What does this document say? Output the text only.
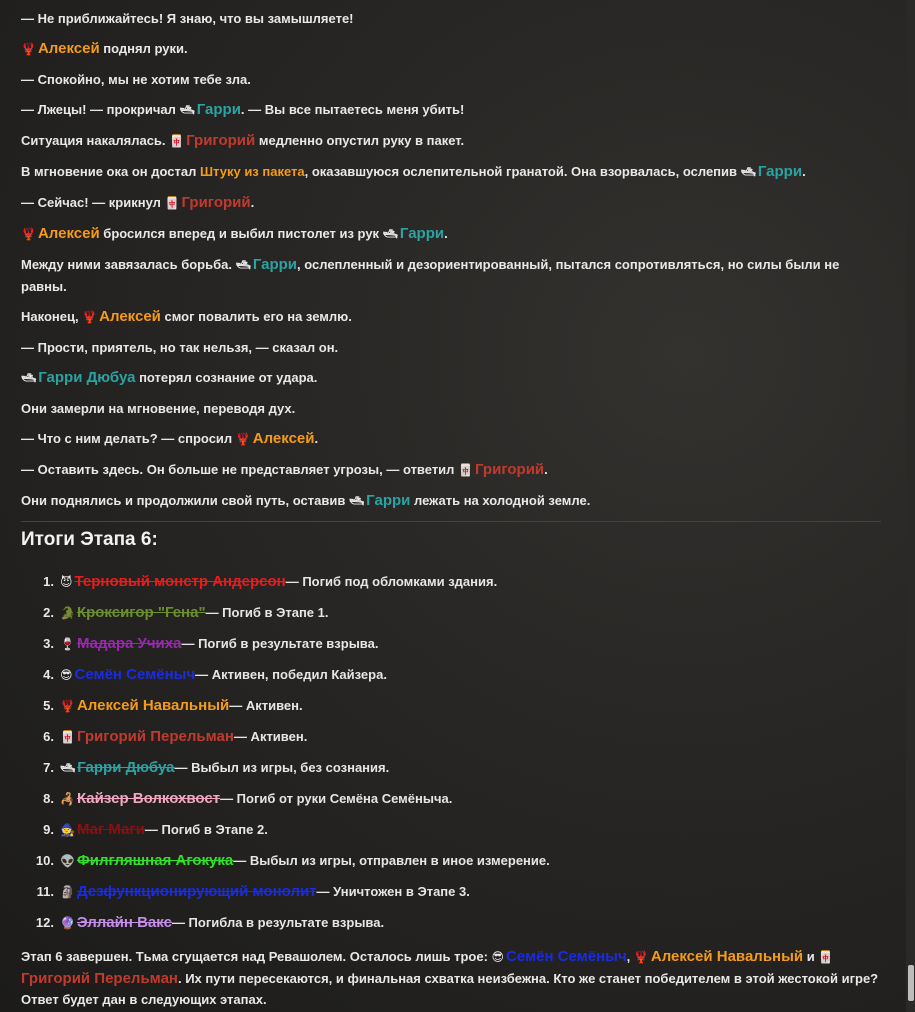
— Не приближайтесь! Я знаю, что вы замышляете!

🦞 Алексей поднял руки.

— Спокойно, мы не хотим тебе зла.

— Лжецы! — прокричал 🛥 Гарри. — Вы все пытаетесь меня убить!

Ситуация накалялась. 🀄 Григорий медленно опустил руку в пакет.

В мгновение ока он достал Штуку из пакета, оказавшуюся ослепительной гранатой. Она взорвалась, ослепив 🛥 Гарри.

— Сейчас! — крикнул 🀄 Григорий.

🦞 Алексей бросился вперед и выбил пистолет из рук 🛥 Гарри.

Между ними завязалась борьба. 🛥 Гарри, ослепленный и дезориентированный, пытался сопротивляться, но силы были не равны.

Наконец, 🦞 Алексей смог повалить его на землю.

— Прости, приятель, но так нельзя, — сказал он.

🛥 Гарри Дюбуа потерял сознание от удара.

Они замерли на мгновение, переводя дух.

— Что с ним делать? — спросил 🦞 Алексей.

— Оставить здесь. Он больше не представляет угрозы, — ответил 🀄 Григорий.

Они поднялись и продолжили свой путь, оставив 🛥 Гарри лежать на холодной земле.

Итоги Этапа 6:
1. 😈 Терновый монстр Андерсон — Погиб под обломками здания.
2. 🐊 Кроксигор "Гена" — Погиб в Этапе 1.
3. 🍷 Мадара Учиха — Погиб в результате взрыва.
4. 😎 Семён Семёныч — Активен, победил Кайзера.
5. 🦞 Алексей Навальный — Активен.
6. 🀄 Григорий Перельман — Активен.
7. 🛥 Гарри Дюбуа — Выбыл из игры, без сознания.
8. 🦂 Кайзер Волкохвост — Погиб от руки Семёна Семёныча.
9. 🧙 Маг Маги — Погиб в Этапе 2.
10. 👽 Филгляшная Агокука — Выбыл из игры, отправлен в иное измерение.
11. 🗿 Дезфункционирующий монолит — Уничтожен в Этапе 3.
12. 🔮 Эллайн Вакс — Погибла в результате взрыва.

Этап 6 завершен. Тьма сгущается над Ревашолем. Осталось лишь трое: 😎 Семён Семёныч, 🦞 Алексей Навальный и 🀄Григорий Перельман. Их пути пересекаются, и финальная схватка неизбежна. Кто же станет победителем в этой жестокой игре? Ответ будет дан в следующих этапах.
